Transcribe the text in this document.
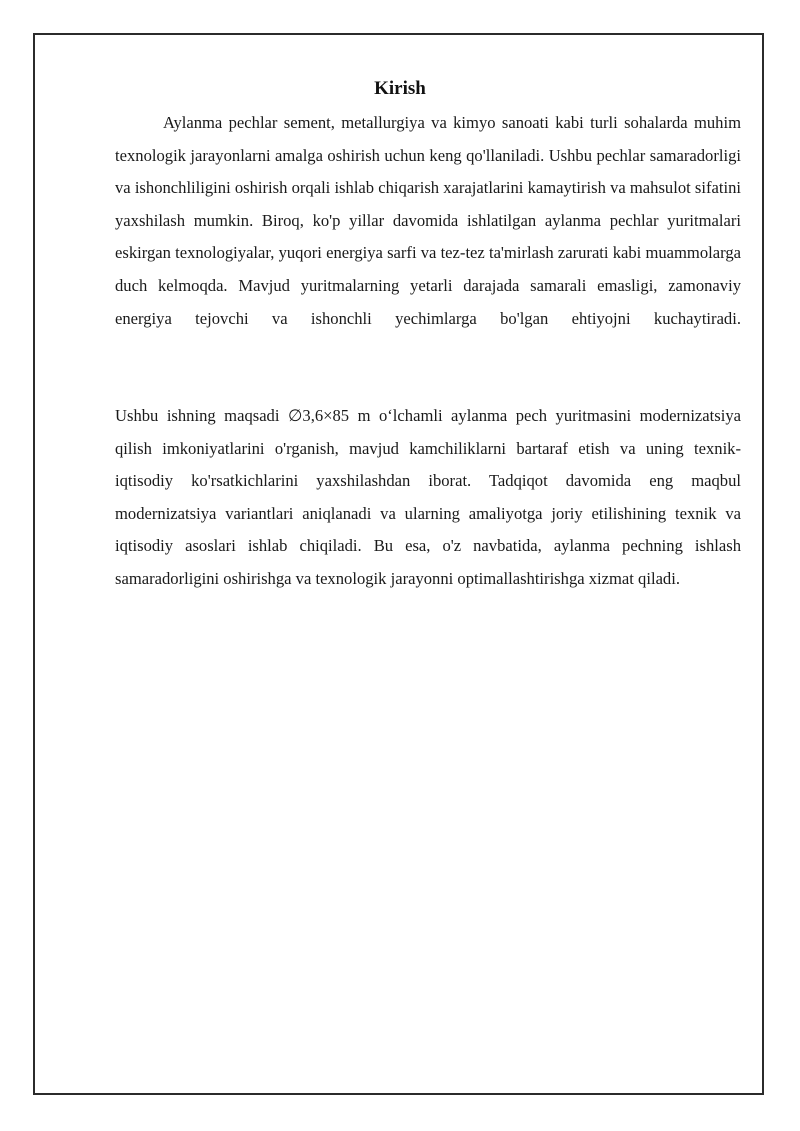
Kirish

Aylanma pechlar sement, metallurgiya va kimyo sanoati kabi turli sohalarda muhim texnologik jarayonlarni amalga oshirish uchun keng qo'llaniladi. Ushbu pechlar samaradorligi va ishonchliligini oshirish orqali ishlab chiqarish xarajatlarini kamaytirish va mahsulot sifatini yaxshilash mumkin. Biroq, ko'p yillar davomida ishlatilgan aylanma pechlar yuritmalari eskirgan texnologiyalar, yuqori energiya sarfi va tez-tez ta'mirlash zarurati kabi muammolarga duch kelmoqda. Mavjud yuritmalarning yetarli darajada samarali emasligi, zamonaviy energiya tejovchi va ishonchli yechimlarga bo'lgan ehtiyojni kuchaytiradi.

Ushbu ishning maqsadi ∅3,6×85 m o‘lchamli aylanma pech yuritmasini modernizatsiya qilish imkoniyatlarini o'rganish, mavjud kamchiliklarni bartaraf etish va uning texnik-iqtisodiy ko'rsatkichlarini yaxshilashdan iborat. Tadqiqot davomida eng maqbul modernizatsiya variantlari aniqlanadi va ularning amaliyotga joriy etilishining texnik va iqtisodiy asoslari ishlab chiqiladi. Bu esa, o'z navbatida, aylanma pechning ishlash samaradorligini oshirishga va texnologik jarayonni optimallashtirishga xizmat qiladi.
